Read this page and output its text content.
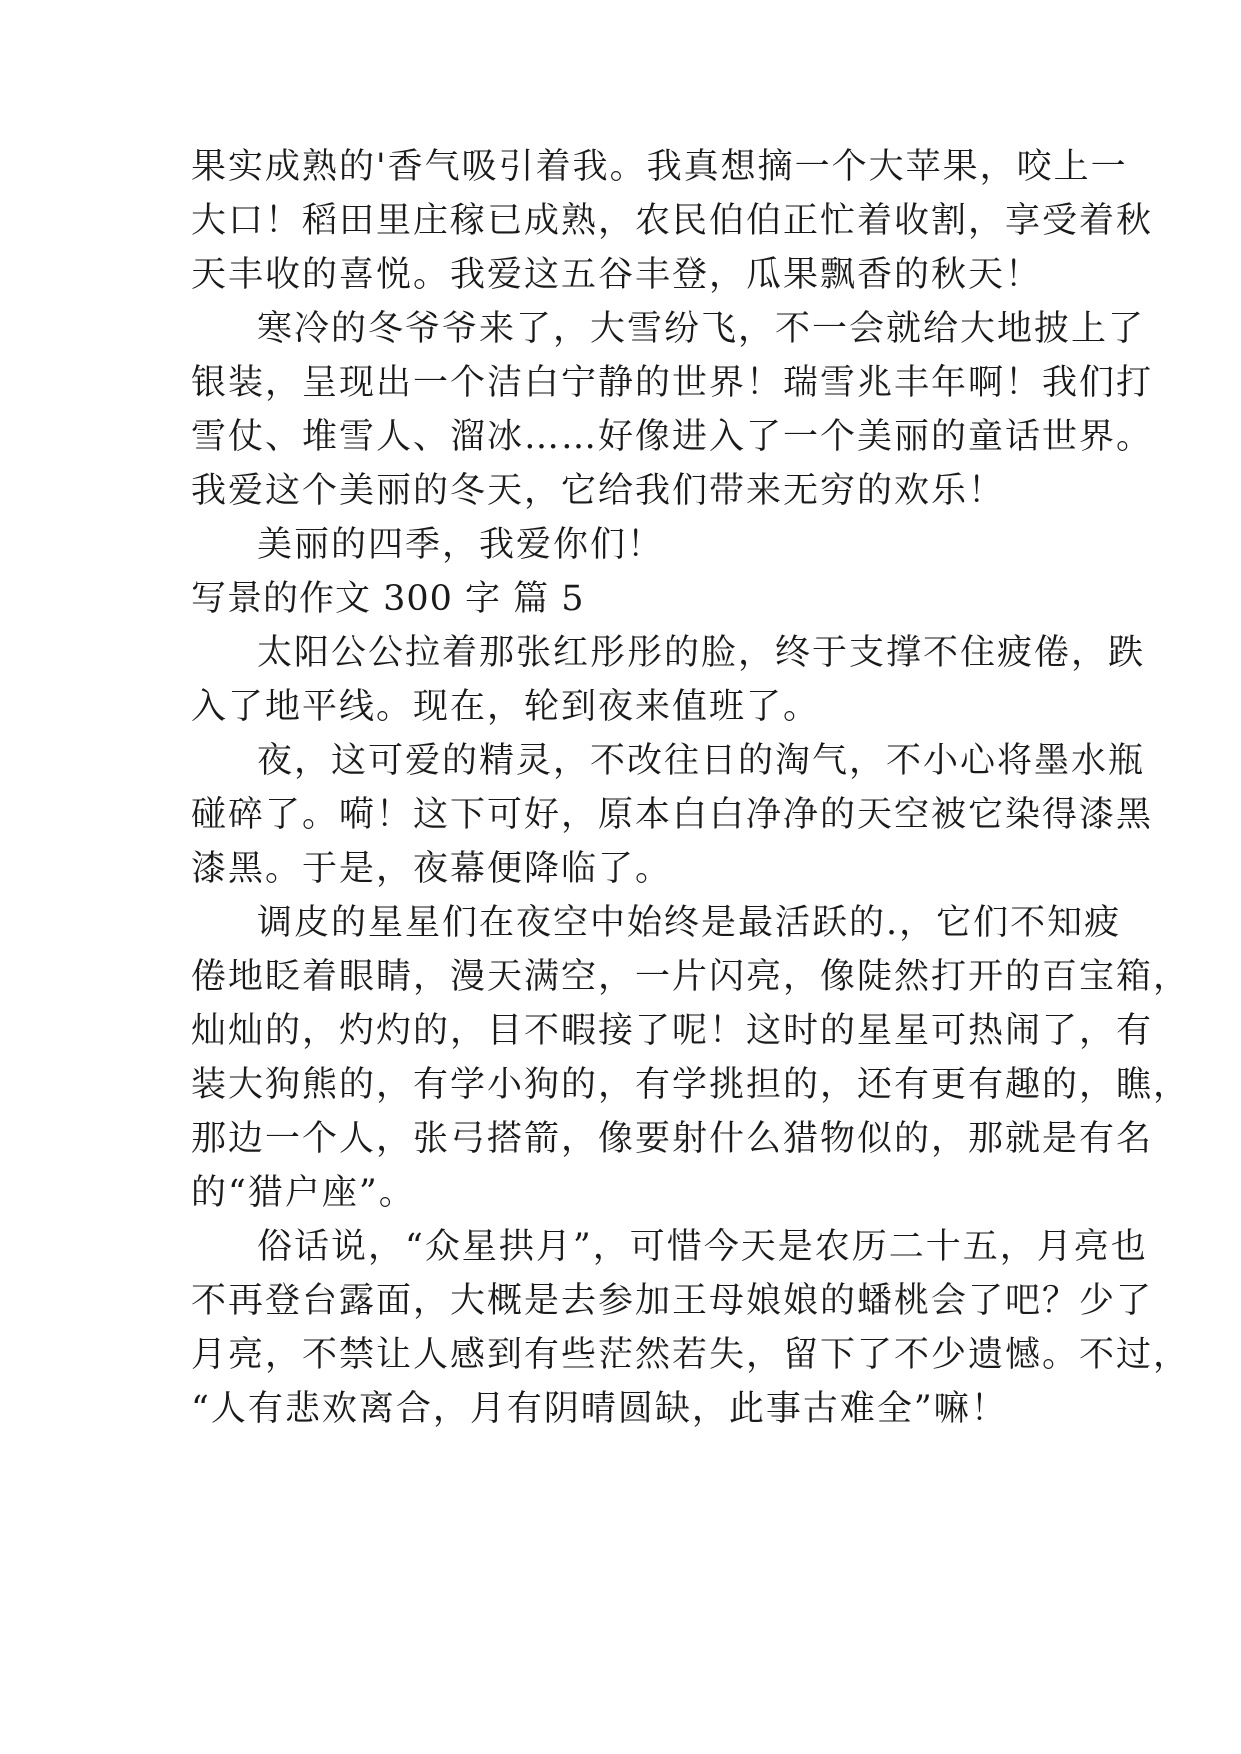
果实成熟的'香气吸引着我。我真想摘一个大苹果，咬上一
大口！稻田里庄稼已成熟，农民伯伯正忙着收割，享受着秋
天丰收的喜悦。我爱这五谷丰登，瓜果飘香的秋天！
寒冷的冬爷爷来了，大雪纷飞，不一会就给大地披上了
银装，呈现出一个洁白宁静的世界！瑞雪兆丰年啊！我们打
雪仗、堆雪人、溜冰……好像进入了一个美丽的童话世界。
我爱这个美丽的冬天，它给我们带来无穷的欢乐！
美丽的四季，我爱你们！
写景的作文 300 字 篇 5
太阳公公拉着那张红彤彤的脸，终于支撑不住疲倦，跌
入了地平线。现在，轮到夜来值班了。
夜，这可爱的精灵，不改往日的淘气，不小心将墨水瓶
碰碎了。嗬！这下可好，原本白白净净的天空被它染得漆黑
漆黑。于是，夜幕便降临了。
调皮的星星们在夜空中始终是最活跃的.，它们不知疲
倦地眨着眼睛，漫天满空，一片闪亮，像陡然打开的百宝箱，
灿灿的，灼灼的，目不暇接了呢！这时的星星可热闹了，有
装大狗熊的，有学小狗的，有学挑担的，还有更有趣的，瞧，
那边一个人，张弓搭箭，像要射什么猎物似的，那就是有名
的“猎户座”。
俗话说，“众星拱月”，可惜今天是农历二十五，月亮也
不再登台露面，大概是去参加王母娘娘的蟠桃会了吧？少了
月亮，不禁让人感到有些茫然若失，留下了不少遗憾。不过，
“人有悲欢离合，月有阴晴圆缺，此事古难全”嘛！
